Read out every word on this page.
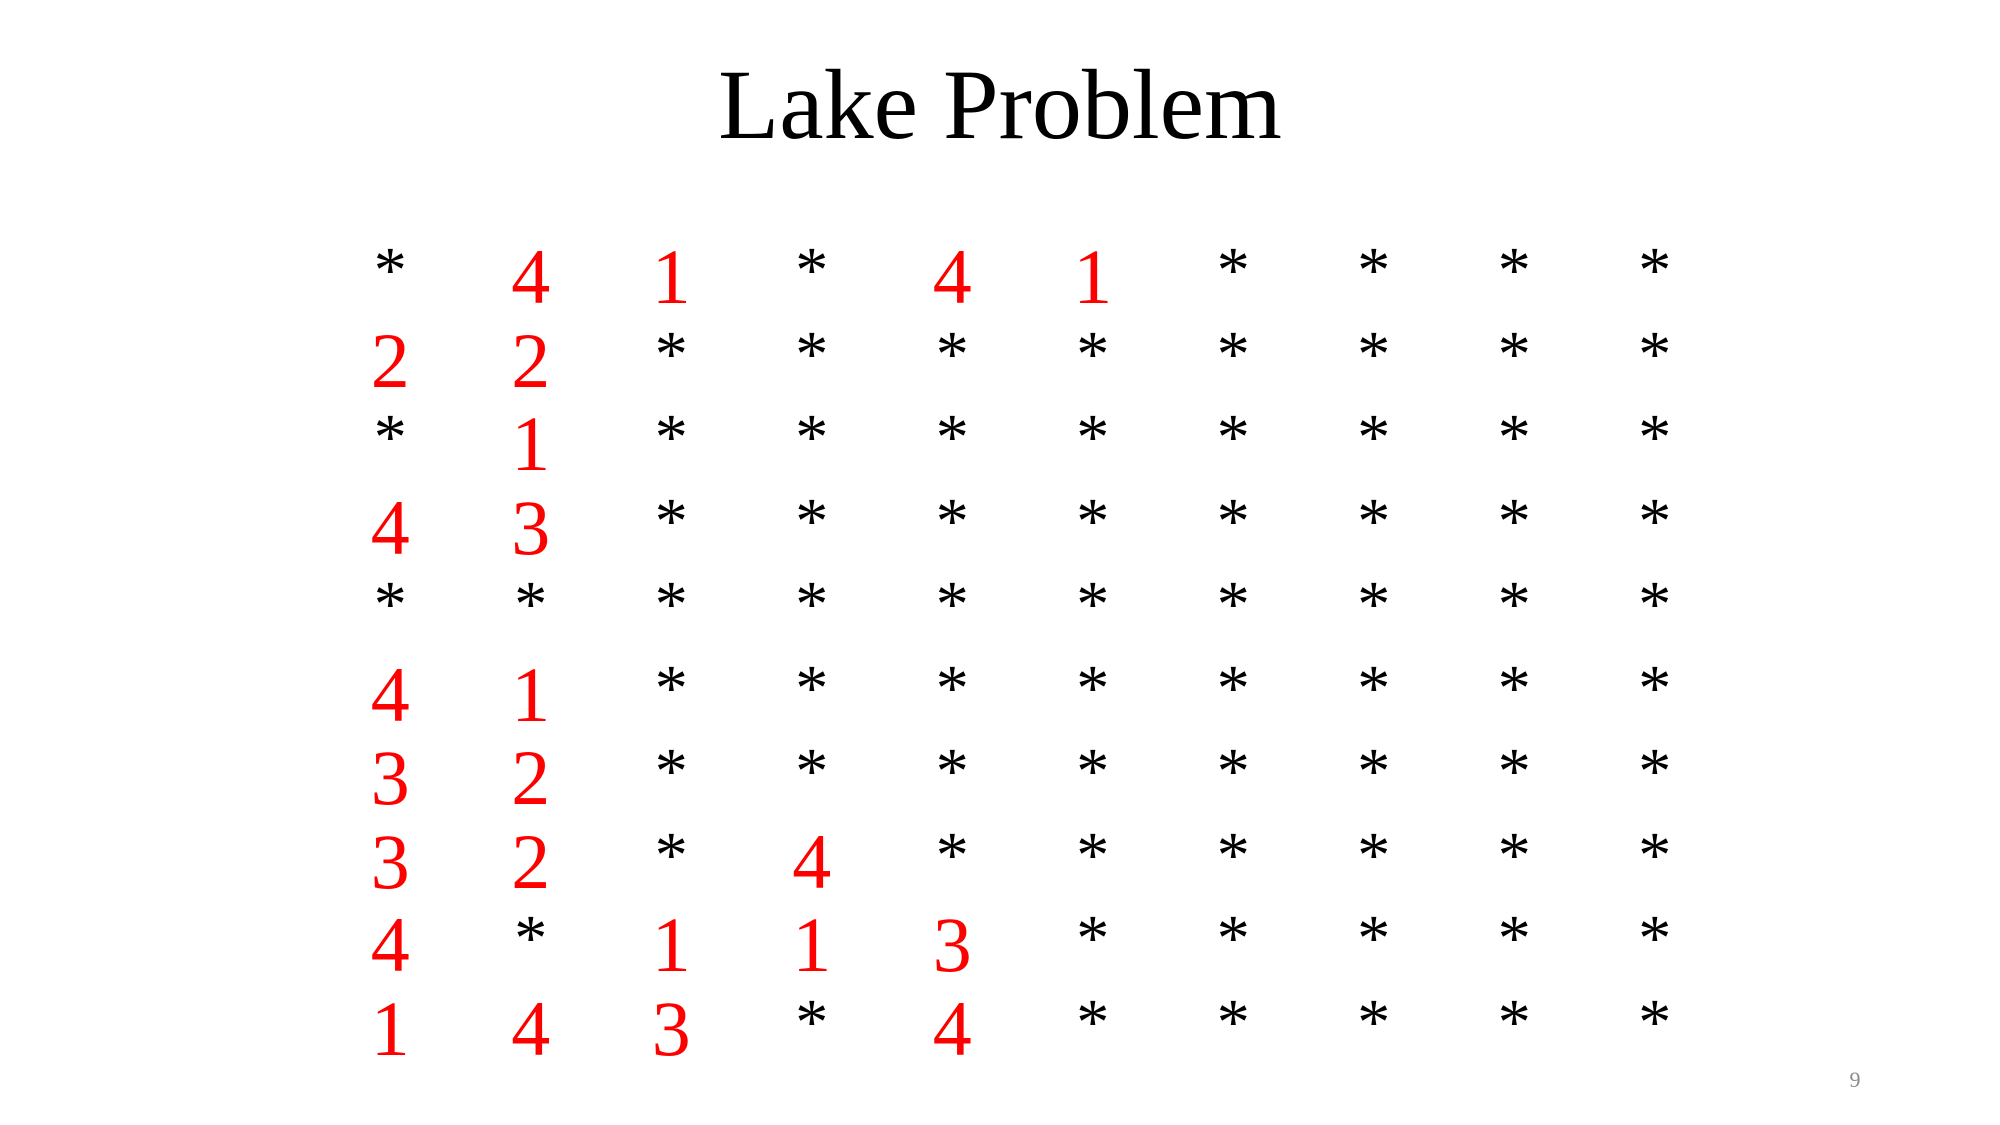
Lake Problem
*	4	1	*	4	1	*	*	*	*
2	2	*	*	*	*	*	*	*	*
*	1	*	*	*	*	*	*	*	*
4	3	*	*	*	*	*	*	*	*
*	*	*	*	*	*	*	*	*	*
4	1	*	*	*	*	*	*	*	*
3	2	*	*	*	*	*	*	*	*
3	2	*	4	*	*	*	*	*	*
4	*	1	1	3	*	*	*	*	*
1	4	3	*	4	*	*	*	*	*
9
